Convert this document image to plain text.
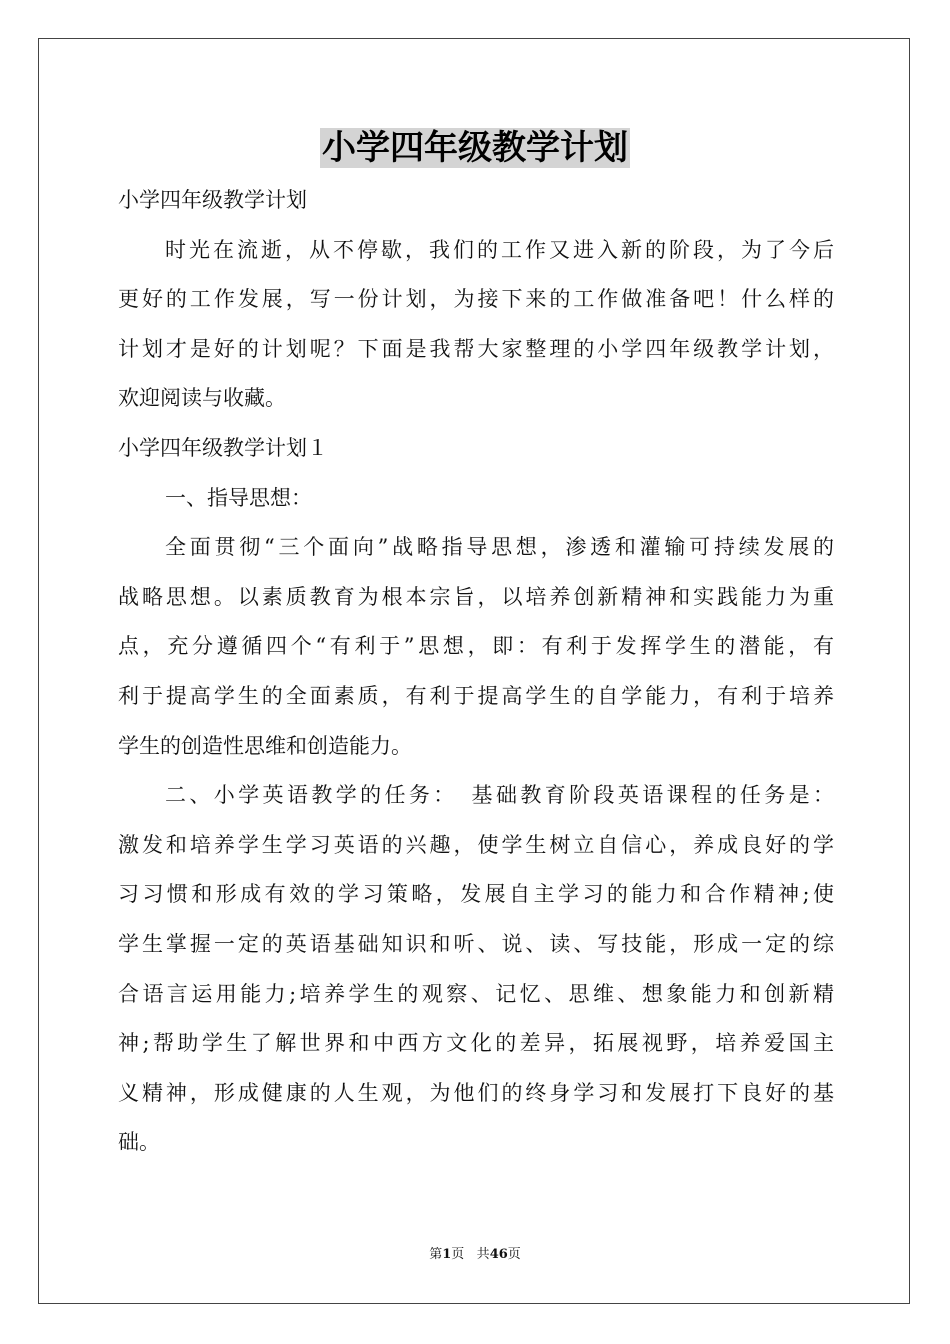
小学四年级教学计划
小学四年级教学计划
时光在流逝，从不停歇，我们的工作又进入新的阶段，为了今后
更好的工作发展，写一份计划，为接下来的工作做准备吧！什么样的
计划才是好的计划呢？下面是我帮大家整理的小学四年级教学计划，
欢迎阅读与收藏。
小学四年级教学计划１
一、指导思想：
全面贯彻“三个面向”战略指导思想，渗透和灌输可持续发展的
战略思想。以素质教育为根本宗旨，以培养创新精神和实践能力为重
点，充分遵循四个“有利于”思想，即：有利于发挥学生的潜能，有
利于提高学生的全面素质，有利于提高学生的自学能力，有利于培养
学生的创造性思维和创造能力。
二、小学英语教学的任务：　基础教育阶段英语课程的任务是：
激发和培养学生学习英语的兴趣，使学生树立自信心，养成良好的学
习习惯和形成有效的学习策略，发展自主学习的能力和合作精神;使
学生掌握一定的英语基础知识和听、说、读、写技能，形成一定的综
合语言运用能力;培养学生的观察、记忆、思维、想象能力和创新精
神;帮助学生了解世界和中西方文化的差异，拓展视野，培养爱国主
义精神，形成健康的人生观，为他们的终身学习和发展打下良好的基
础。
第1页 共46页
